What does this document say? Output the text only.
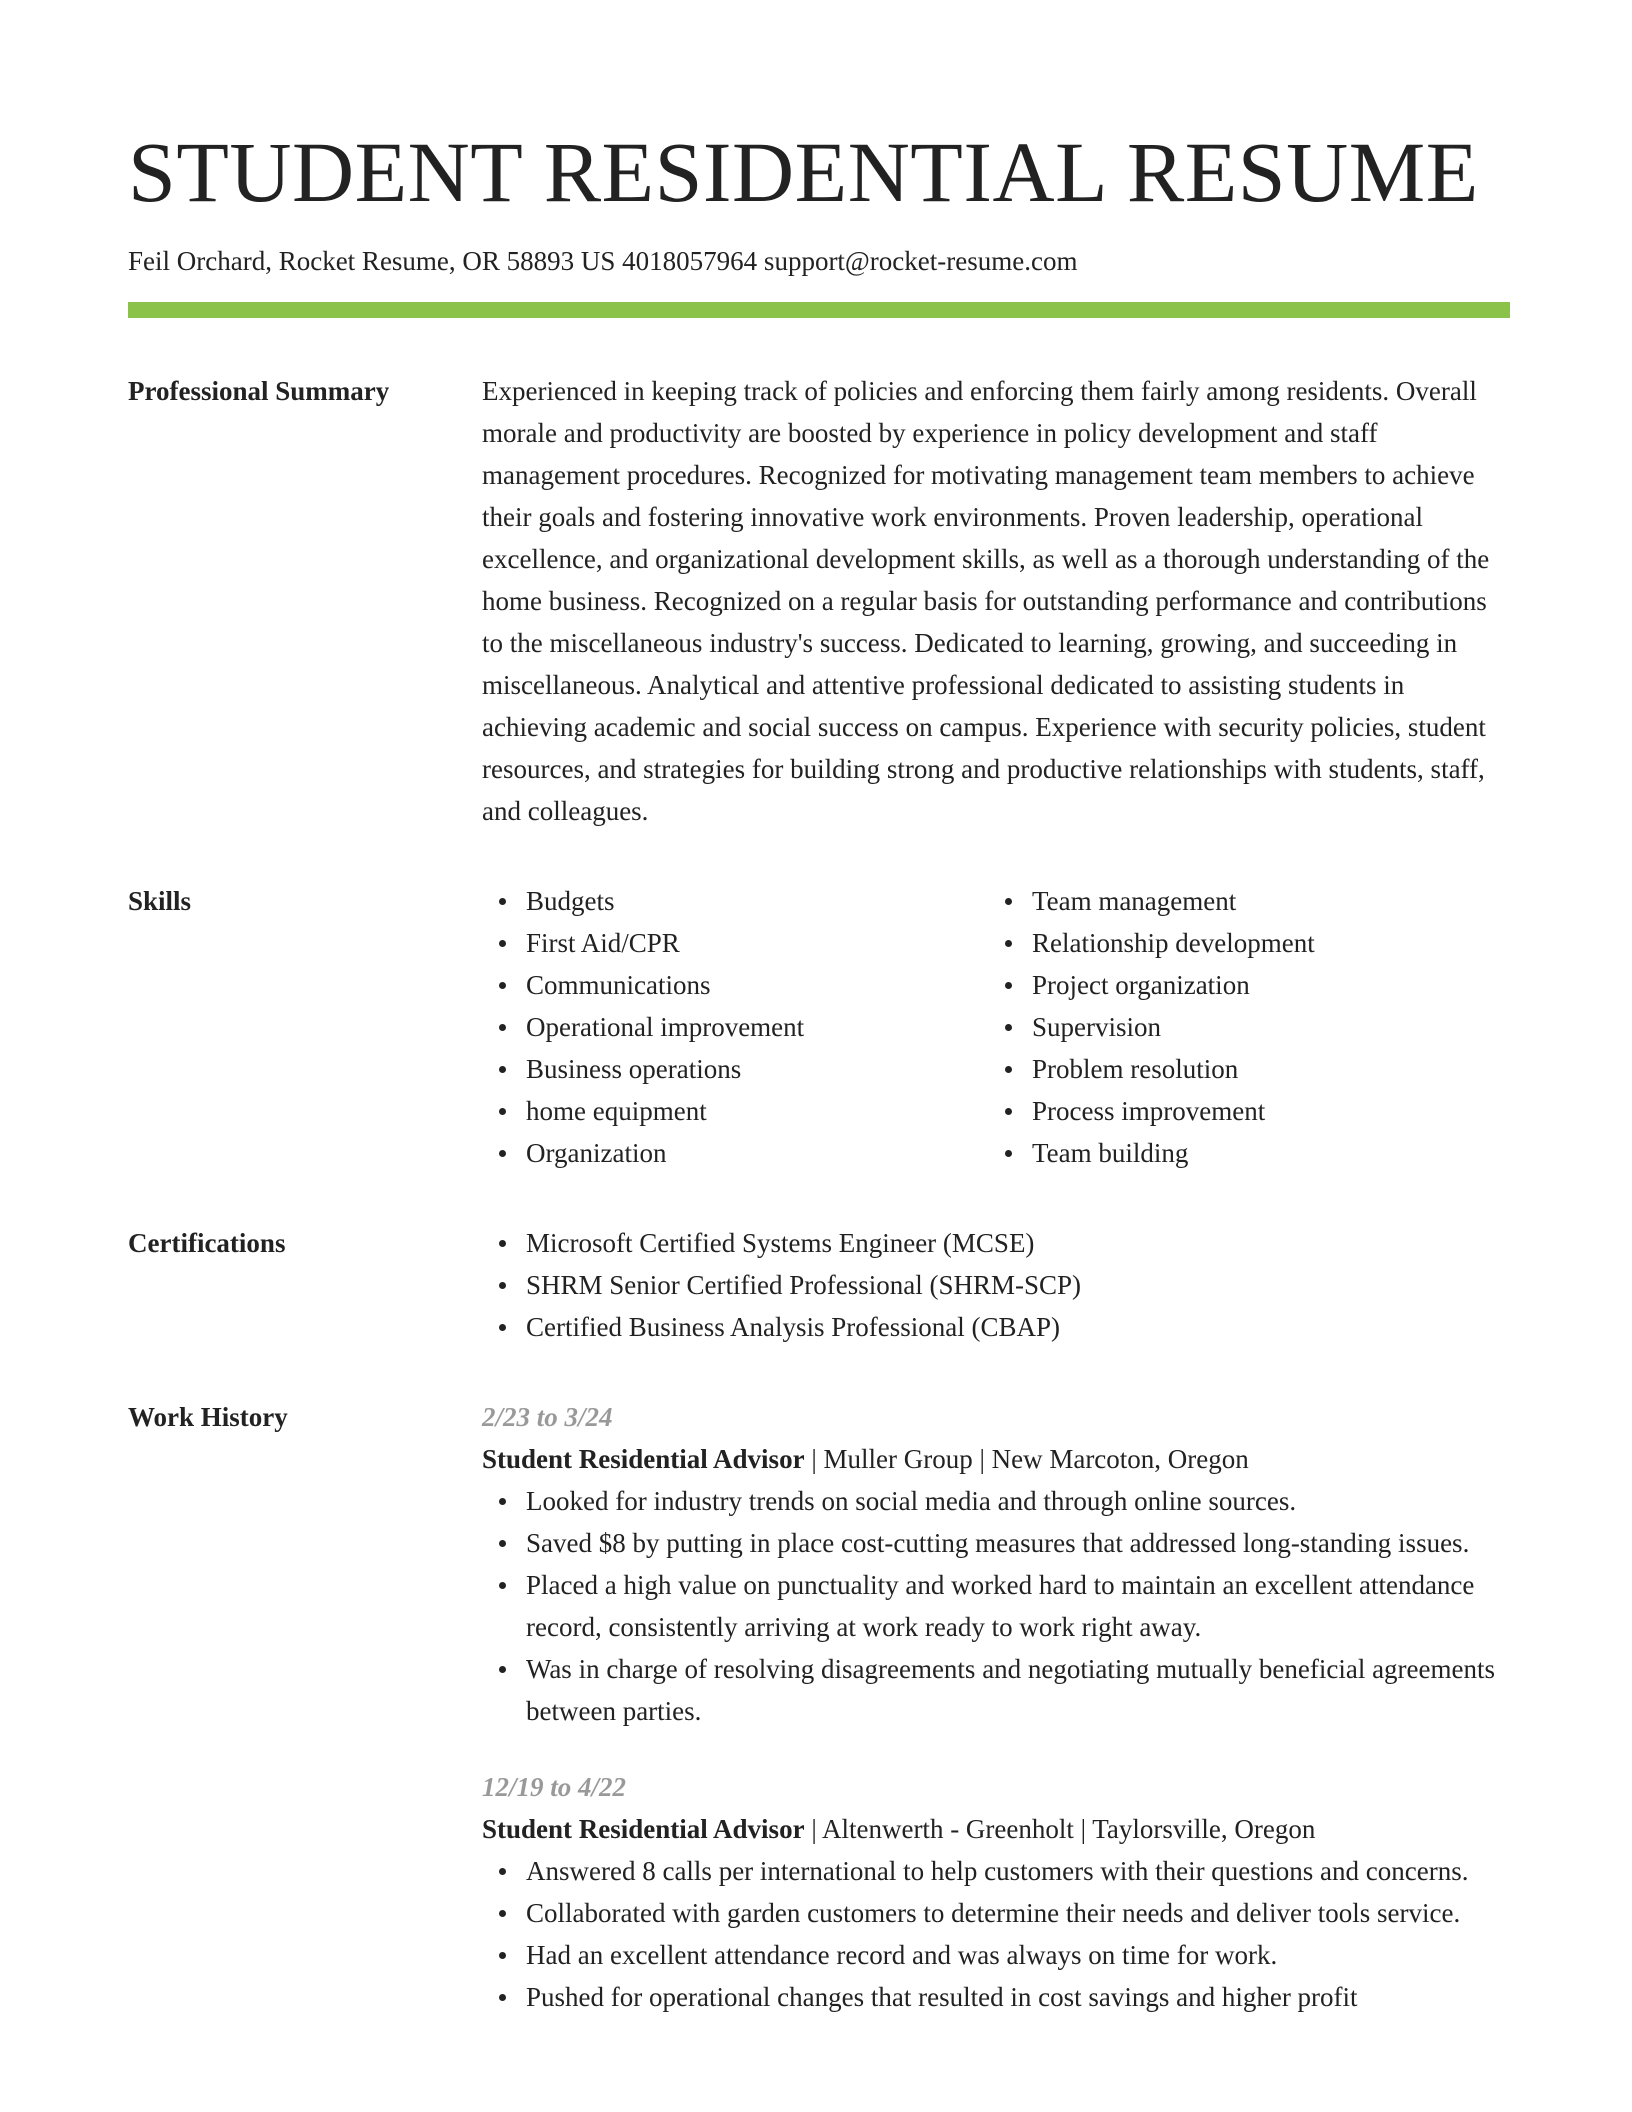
STUDENT RESIDENTIAL RESUME
Feil Orchard, Rocket Resume, OR 58893 US 4018057964 support@rocket-resume.com
Professional Summary	Experienced in keeping track of policies and enforcing them fairly among residents. Overall morale and productivity are boosted by experience in policy development and staff management procedures. Recognized for motivating management team members to achieve their goals and fostering innovative work environments. Proven leadership, operational excellence, and organizational development skills, as well as a thorough understanding of the home business. Recognized on a regular basis for outstanding performance and contributions to the miscellaneous industry's success. Dedicated to learning, growing, and succeeding in miscellaneous. Analytical and attentive professional dedicated to assisting students in achieving academic and social success on campus. Experience with security policies, student resources, and strategies for building strong and productive relationships with students, staff, and colleagues.

Skills	Budgets
First Aid/CPR
Communications
Operational improvement
Business operations
home equipment
Organization
Team management
Relationship development
Project organization
Supervision
Problem resolution
Process improvement
Team building
Certifications	Microsoft Certified Systems Engineer (MCSE)
SHRM Senior Certified Professional (SHRM-SCP)
Certified Business Analysis Professional (CBAP)
Work History	2/23 to 3/24
Student Residential Advisor | Muller Group | New Marcoton, Oregon
Looked for industry trends on social media and through online sources.
Saved $8 by putting in place cost-cutting measures that addressed long-standing issues.
Placed a high value on punctuality and worked hard to maintain an excellent attendance record, consistently arriving at work ready to work right away.
Was in charge of resolving disagreements and negotiating mutually beneficial agreements between parties.
12/19 to 4/22
Student Residential Advisor | Altenwerth - Greenholt | Taylorsville, Oregon
Answered 8 calls per international to help customers with their questions and concerns.
Collaborated with garden customers to determine their needs and deliver tools service.
Had an excellent attendance record and was always on time for work.
Pushed for operational changes that resulted in cost savings and higher profit
